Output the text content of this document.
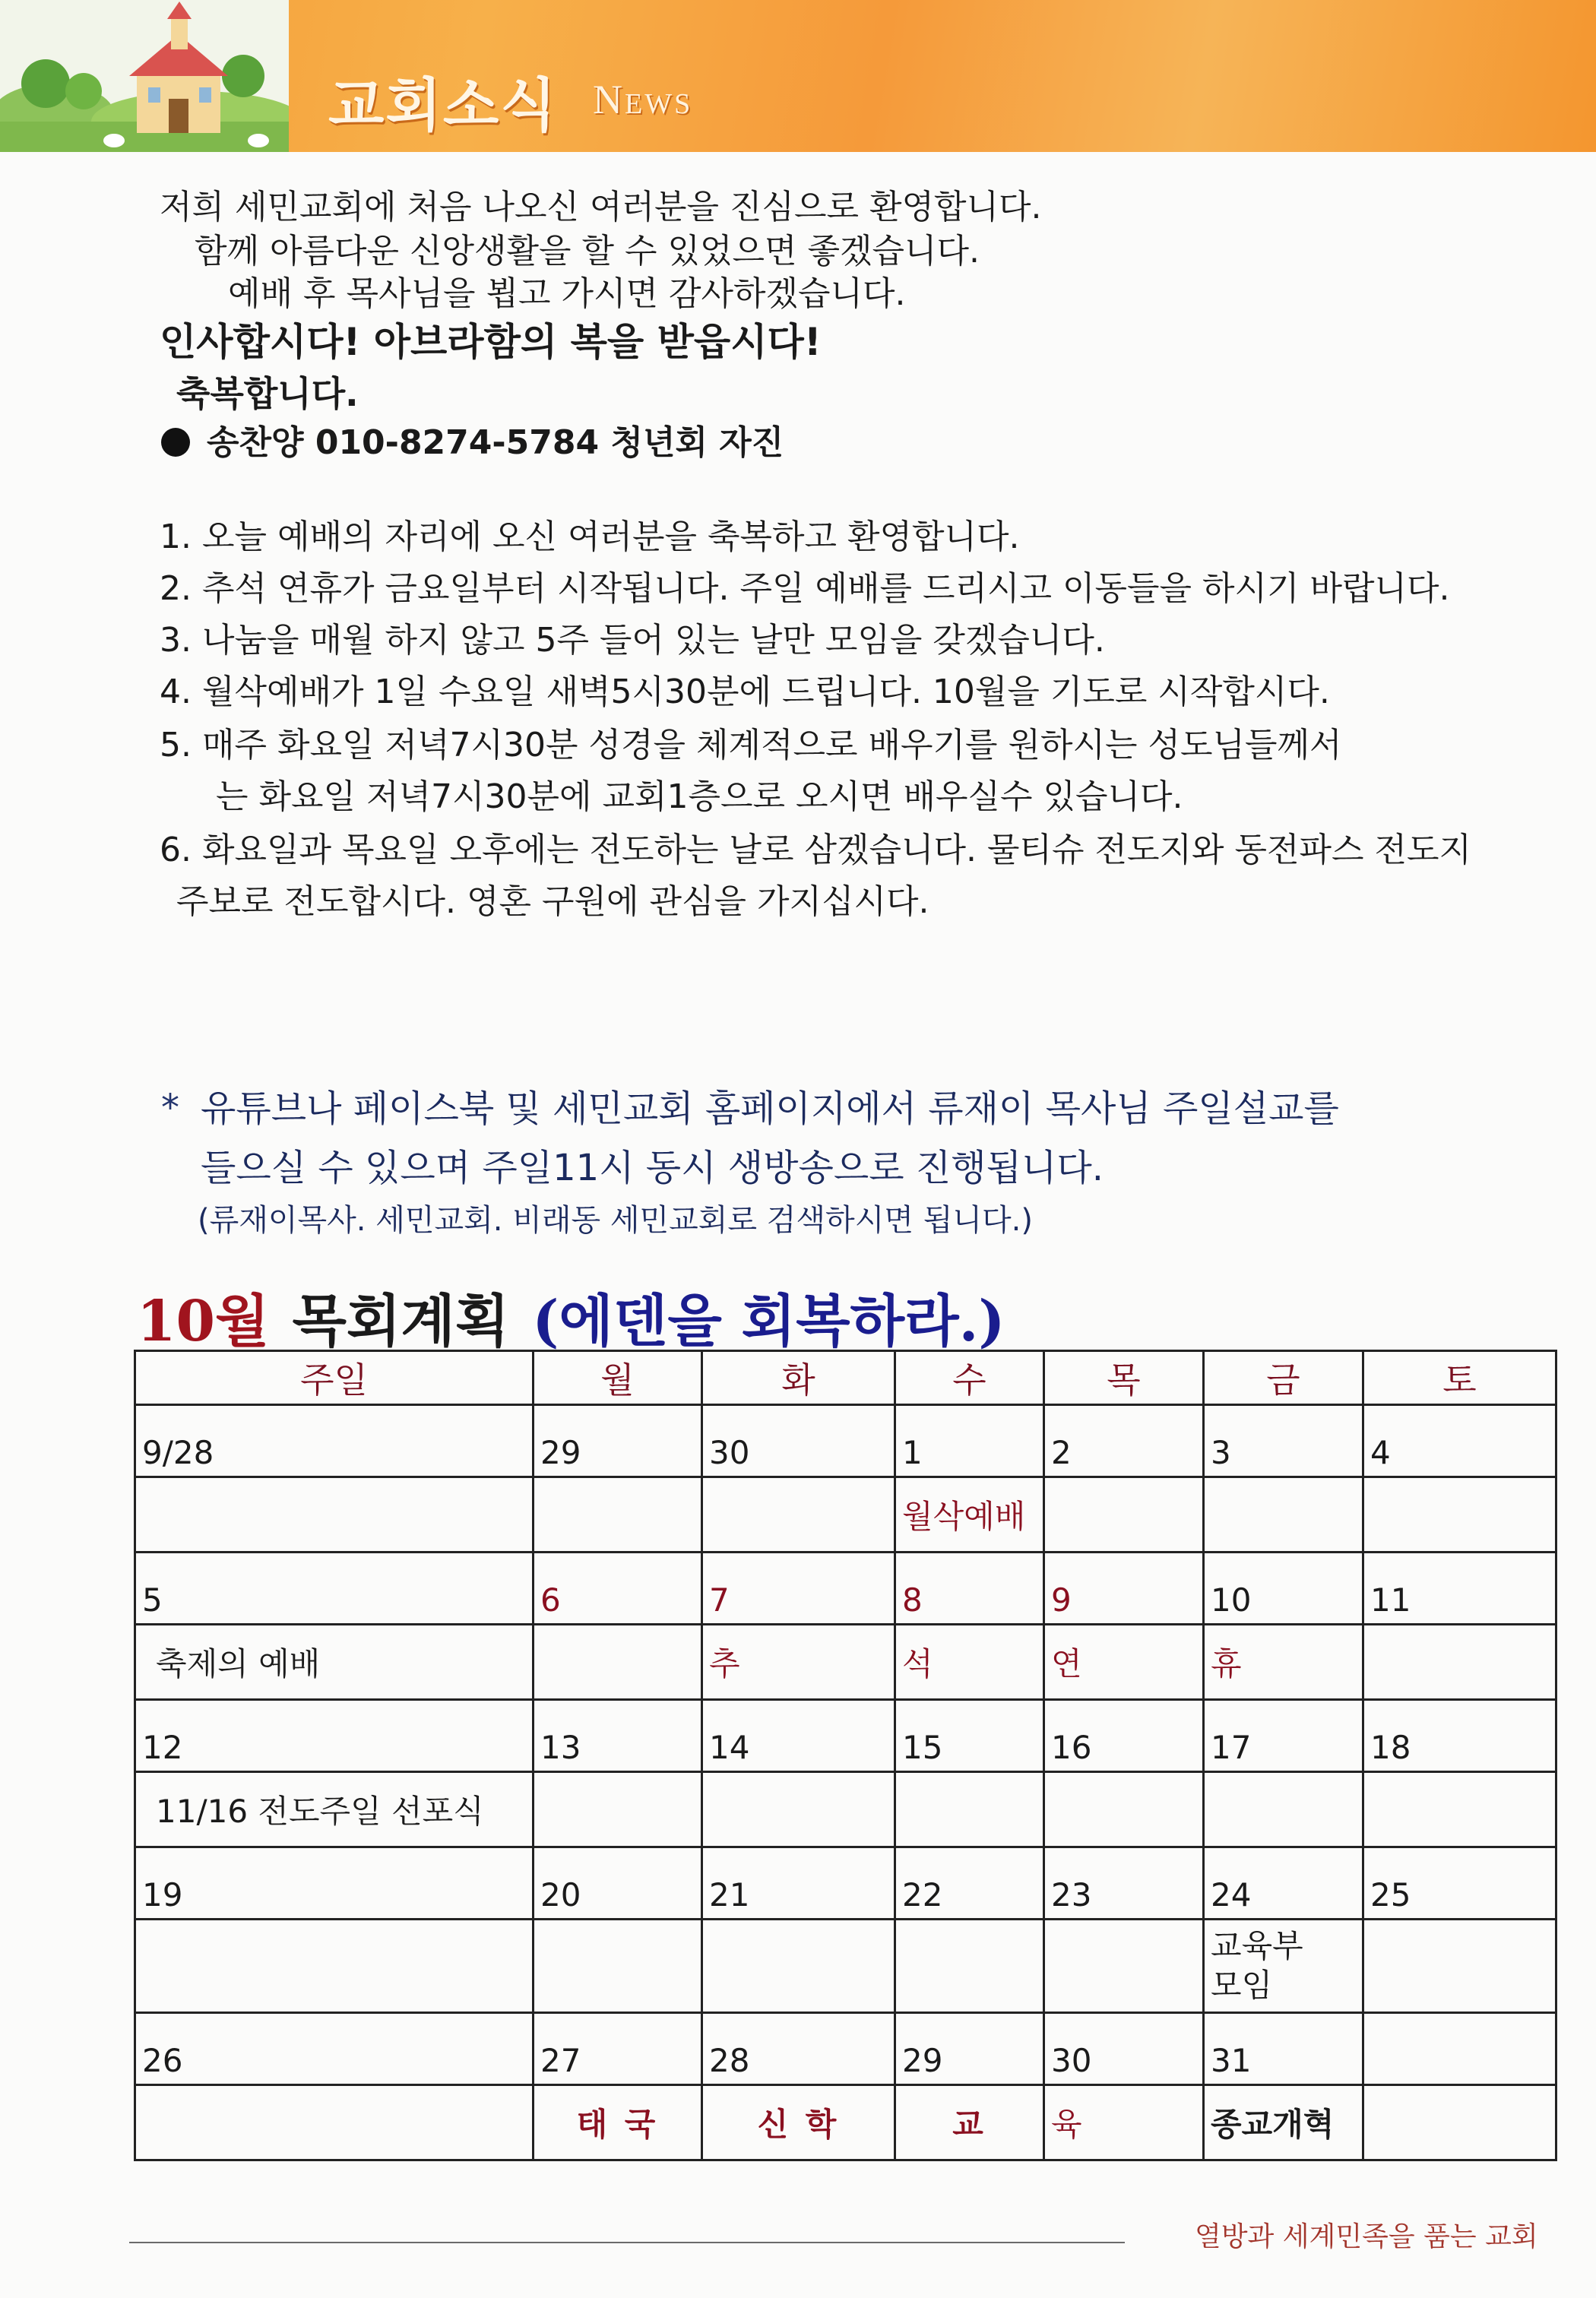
교회소식 News
저희 세민교회에 처음 나오신 여러분을 진심으로 환영합니다.
함께 아름다운 신앙생활을 할 수 있었으면 좋겠습니다.
예배 후 목사님을 뵙고 가시면 감사하겠습니다.
인사합시다! 아브라함의 복을 받읍시다!
축복합니다.
송찬양 010-8274-5784 청년회 자진
1. 오늘 예배의 자리에 오신 여러분을 축복하고 환영합니다.
2. 추석 연휴가 금요일부터 시작됩니다. 주일 예배를 드리시고 이동들을 하시기 바랍니다.
3. 나눔을 매월 하지 않고 5주 들어 있는 날만 모임을 갖겠습니다.
4. 월삭예배가 1일 수요일 새벽5시30분에 드립니다. 10월을 기도로 시작합시다.
5. 매주 화요일 저녁7시30분 성경을 체계적으로 배우기를 원하시는 성도님들께서
는 화요일 저녁7시30분에 교회1층으로 오시면 배우실수 있습니다.
6. 화요일과 목요일 오후에는 전도하는 날로 삼겠습니다. 물티슈 전도지와 동전파스 전도지
주보로 전도합시다. 영혼 구원에 관심을 가지십시다.
* 유튜브나 페이스북 및 세민교회 홈페이지에서 류재이 목사님 주일설교를
들으실 수 있으며 주일11시 동시 생방송으로 진행됩니다.
(류재이목사. 세민교회. 비래동 세민교회로 검색하시면 됩니다.)
10월 목회계획 (에덴을 회복하라.)
주일	월	화	수	목	금	토
9/28	29	30	1	2	3	4
			월삭예배			
5	6	7	8	9	10	11
축제의 예배		추	석	연	휴	
12	13	14	15	16	17	18
11/16 전도주일 선포식						
19	20	21	22	23	24	25
					교육부 모임	
26	27	28	29	30	31	
	태 국	신 학	교	육	종교개혁	
열방과 세계민족을 품는 교회
